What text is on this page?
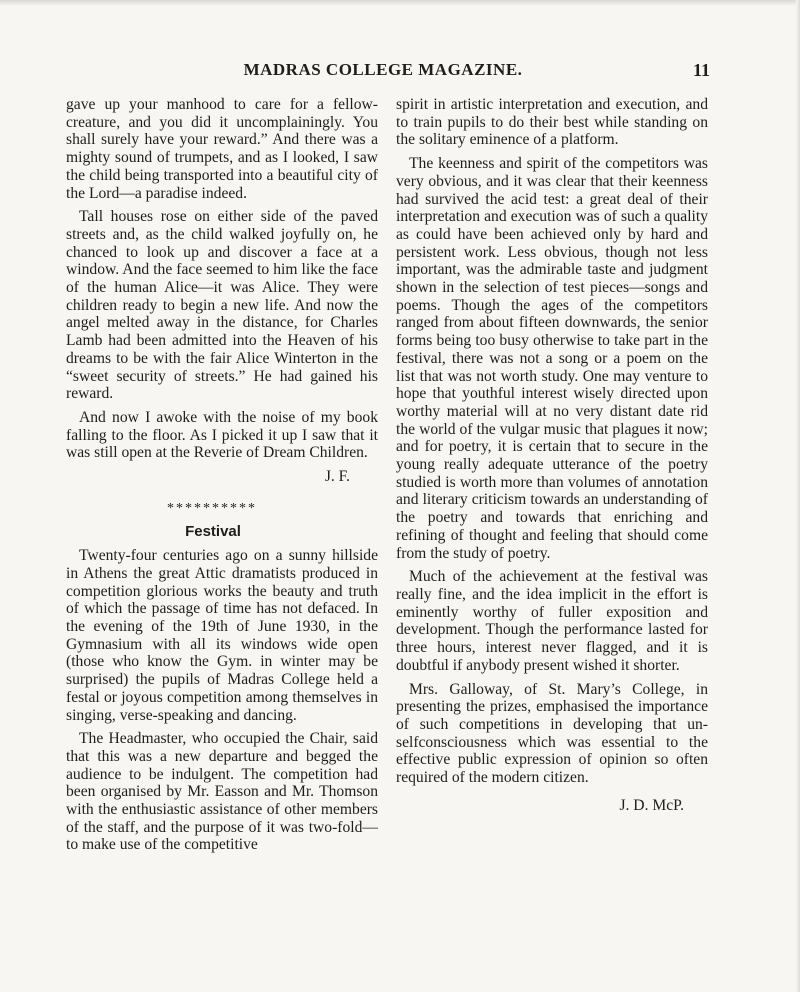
MADRAS COLLEGE MAGAZINE.	11

gave up your manhood to care for a fellow-creature, and you did it uncomplainingly. You shall surely have your reward.” And there was a mighty sound of trumpets, and as I looked, I saw the child being transported into a beautiful city of the Lord—a paradise indeed.

Tall houses rose on either side of the paved streets and, as the child walked joyfully on, he chanced to look up and discover a face at a window. And the face seemed to him like the face of the human Alice—it was Alice. They were children ready to begin a new life. And now the angel melted away in the distance, for Charles Lamb had been admitted into the Heaven of his dreams to be with the fair Alice Winterton in the “sweet security of streets.” He had gained his reward.

And now I awoke with the noise of my book falling to the floor. As I picked it up I saw that it was still open at the Reverie of Dream Children.

J. F.
**********
Festival

Twenty-four centuries ago on a sunny hillside in Athens the great Attic dramatists produced in competition glorious works the beauty and truth of which the passage of time has not defaced. In the evening of the 19th of June 1930, in the Gymnasium with all its windows wide open (those who know the Gym. in winter may be surprised) the pupils of Madras College held a festal or joyous competition among themselves in singing, verse-speaking and dancing.

The Headmaster, who occupied the Chair, said that this was a new departure and begged the audience to be indulgent. The competition had been organised by Mr. Easson and Mr. Thomson with the enthusiastic assistance of other members of the staff, and the purpose of it was two-fold—to make use of the competitive

spirit in artistic interpretation and execution, and to train pupils to do their best while standing on the solitary eminence of a platform.

The keenness and spirit of the competitors was very obvious, and it was clear that their keenness had survived the acid test: a great deal of their interpretation and execution was of such a quality as could have been achieved only by hard and persistent work. Less obvious, though not less important, was the admirable taste and judgment shown in the selection of test pieces—songs and poems. Though the ages of the competitors ranged from about fifteen downwards, the senior forms being too busy otherwise to take part in the festival, there was not a song or a poem on the list that was not worth study. One may venture to hope that youthful interest wisely directed upon worthy material will at no very distant date rid the world of the vulgar music that plagues it now; and for poetry, it is certain that to secure in the young really adequate utterance of the poetry studied is worth more than volumes of annotation and literary criticism towards an understanding of the poetry and towards that enriching and refining of thought and feeling that should come from the study of poetry.

Much of the achievement at the festival was really fine, and the idea implicit in the effort is eminently worthy of fuller exposition and development. Though the performance lasted for three hours, interest never flagged, and it is doubtful if anybody present wished it shorter.

Mrs. Galloway, of St. Mary’s College, in presenting the prizes, emphasised the importance of such competitions in developing that un-selfconsciousness which was essential to the effective public expression of opinion so often required of the modern citizen.

J. D. McP.
